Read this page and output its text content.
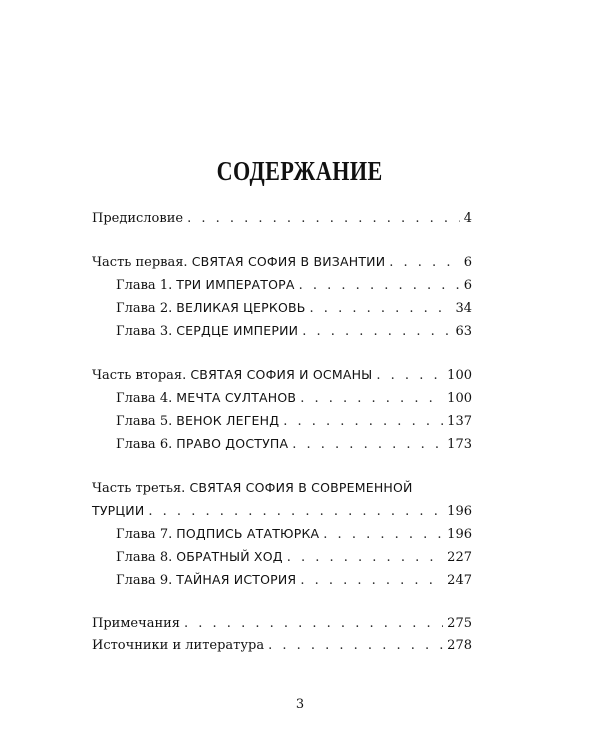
СОДЕРЖАНИЕ
Предисловие . . .	4
Часть первая. СВЯТАЯ СОФИЯ В ВИЗАНТИИ . . .	6
Глава 1. ТРИ ИМПЕРАТОРА . . .	6
Глава 2. ВЕЛИКАЯ ЦЕРКОВЬ . . .	34
Глава 3. СЕРДЦЕ ИМПЕРИИ . . .	63
Часть вторая. СВЯТАЯ СОФИЯ И ОСМАНЫ . . .	100
Глава 4. МЕЧТА СУЛТАНОВ . . .	100
Глава 5. ВЕНОК ЛЕГЕНД . . .	137
Глава 6. ПРАВО ДОСТУПА . . .	173
Часть третья. СВЯТАЯ СОФИЯ В СОВРЕМЕННОЙ
ТУРЦИИ . . .	196
Глава 7. ПОДПИСЬ АТАТЮРКА . . .	196
Глава 8. ОБРАТНЫЙ ХОД . . .	227
Глава 9. ТАЙНАЯ ИСТОРИЯ . . .	247
Примечания . . .	275
Источники и литература . . .	278
3
